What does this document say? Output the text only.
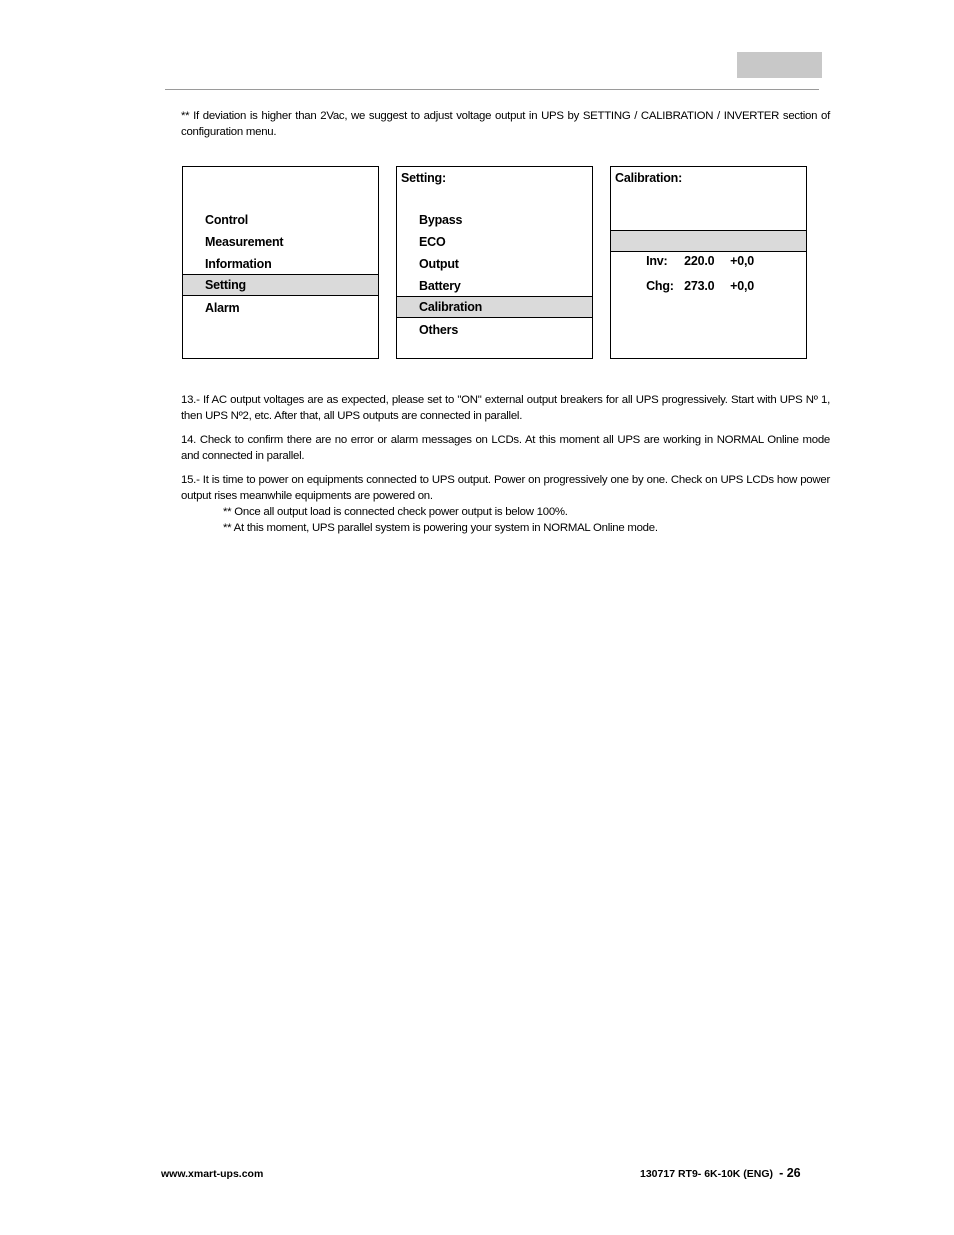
** If deviation is higher than 2Vac, we suggest to adjust voltage output in UPS by SETTING / CALIBRATION / INVERTER section of configuration menu.
Control
Measurement
Information
Setting
Alarm
Setting:
Bypass
ECO
Output
Battery
Calibration
Others
Calibration:

Inv: 220.0 +0,0

Chg: 273.0 +0,0

13.- If AC output voltages are as expected, please set to "ON" external output breakers for all UPS progressively. Start with UPS Nº 1, then UPS Nº2, etc. After that, all UPS outputs are connected in parallel.
14. Check to confirm there are no error or alarm messages on LCDs. At this moment all UPS are working in NORMAL Online mode and connected in parallel.
15.- It is time to power on equipments connected to UPS output. Power on progressively one by one. Check on UPS LCDs how power output rises meanwhile equipments are powered on.
** Once all output load is connected check power output is below 100%.
** At this moment, UPS parallel system is powering your system in NORMAL Online mode.
www.xmart-ups.com	130717 RT9- 6K-10K (ENG) - 26
